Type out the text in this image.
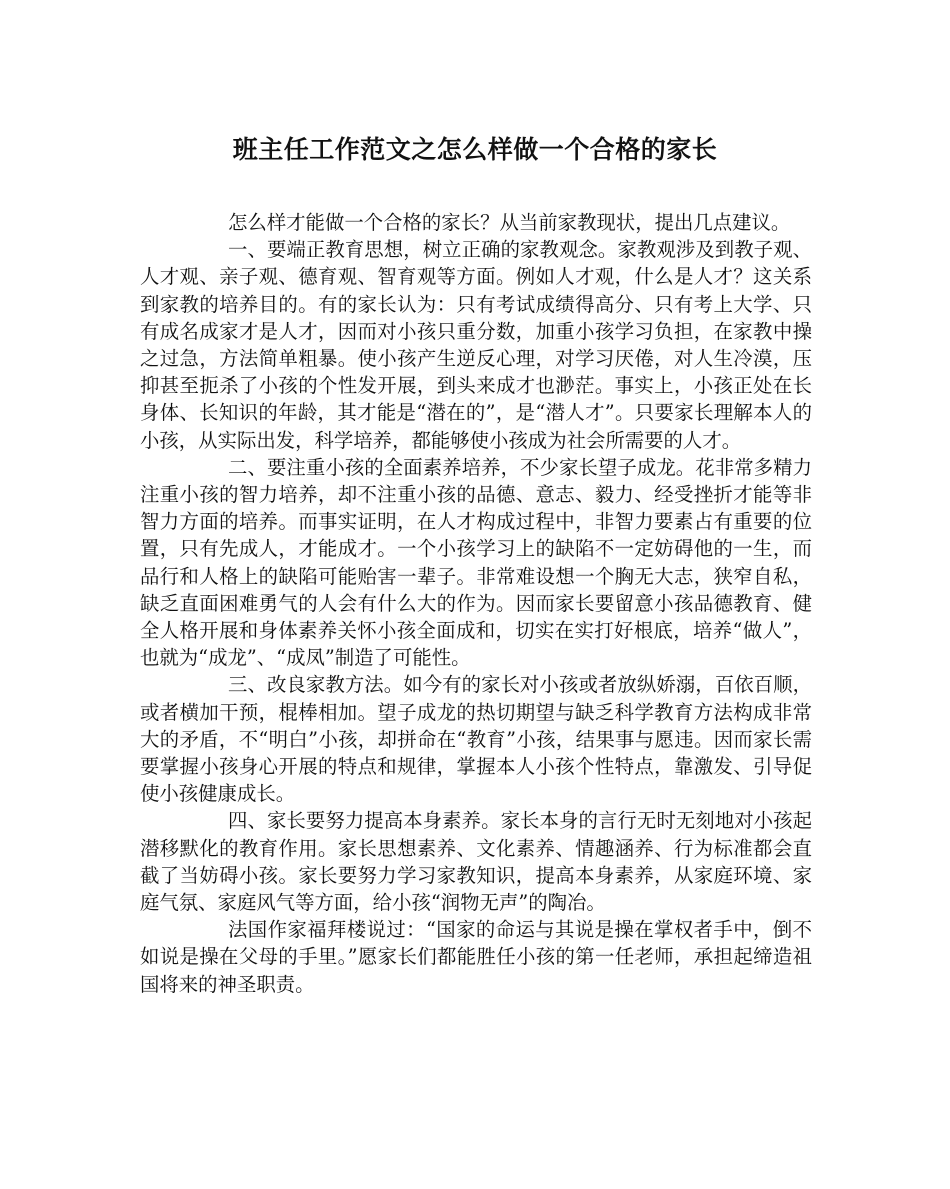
班主任工作范文之怎么样做一个合格的家长

怎么样才能做一个合格的家长？从当前家教现状，提出几点建议。

一、要端正教育思想，树立正确的家教观念。家教观涉及到教子观、人才观、亲子观、德育观、智育观等方面。例如人才观，什么是人才？这关系到家教的培养目的。有的家长认为：只有考试成绩得高分、只有考上大学、只有成名成家才是人才，因而对小孩只重分数，加重小孩学习负担，在家教中操之过急，方法简单粗暴。使小孩产生逆反心理，对学习厌倦，对人生冷漠，压抑甚至扼杀了小孩的个性发开展，到头来成才也渺茫。事实上，小孩正处在长身体、长知识的年龄，其才能是“潜在的”，是“潜人才”。只要家长理解本人的小孩，从实际出发，科学培养，都能够使小孩成为社会所需要的人才。

二、要注重小孩的全面素养培养，不少家长望子成龙。花非常多精力注重小孩的智力培养，却不注重小孩的品德、意志、毅力、经受挫折才能等非智力方面的培养。而事实证明，在人才构成过程中，非智力要素占有重要的位置，只有先成人，才能成才。一个小孩学习上的缺陷不一定妨碍他的一生，而品行和人格上的缺陷可能贻害一辈子。非常难设想一个胸无大志，狭窄自私，缺乏直面困难勇气的人会有什么大的作为。因而家长要留意小孩品德教育、健全人格开展和身体素养关怀小孩全面成和，切实在实打好根底，培养“做人”，也就为“成龙”、“成凤”制造了可能性。

三、改良家教方法。如今有的家长对小孩或者放纵娇溺，百依百顺，或者横加干预，棍棒相加。望子成龙的热切期望与缺乏科学教育方法构成非常大的矛盾，不“明白”小孩，却拼命在“教育”小孩，结果事与愿违。因而家长需要掌握小孩身心开展的特点和规律，掌握本人小孩个性特点，靠激发、引导促使小孩健康成长。

四、家长要努力提高本身素养。家长本身的言行无时无刻地对小孩起潜移默化的教育作用。家长思想素养、文化素养、情趣涵养、行为标准都会直截了当妨碍小孩。家长要努力学习家教知识，提高本身素养，从家庭环境、家庭气氛、家庭风气等方面，给小孩“润物无声”的陶冶。

法国作家福拜楼说过：“国家的命运与其说是操在掌权者手中，倒不如说是操在父母的手里。”愿家长们都能胜任小孩的第一任老师，承担起缔造祖国将来的神圣职责。
